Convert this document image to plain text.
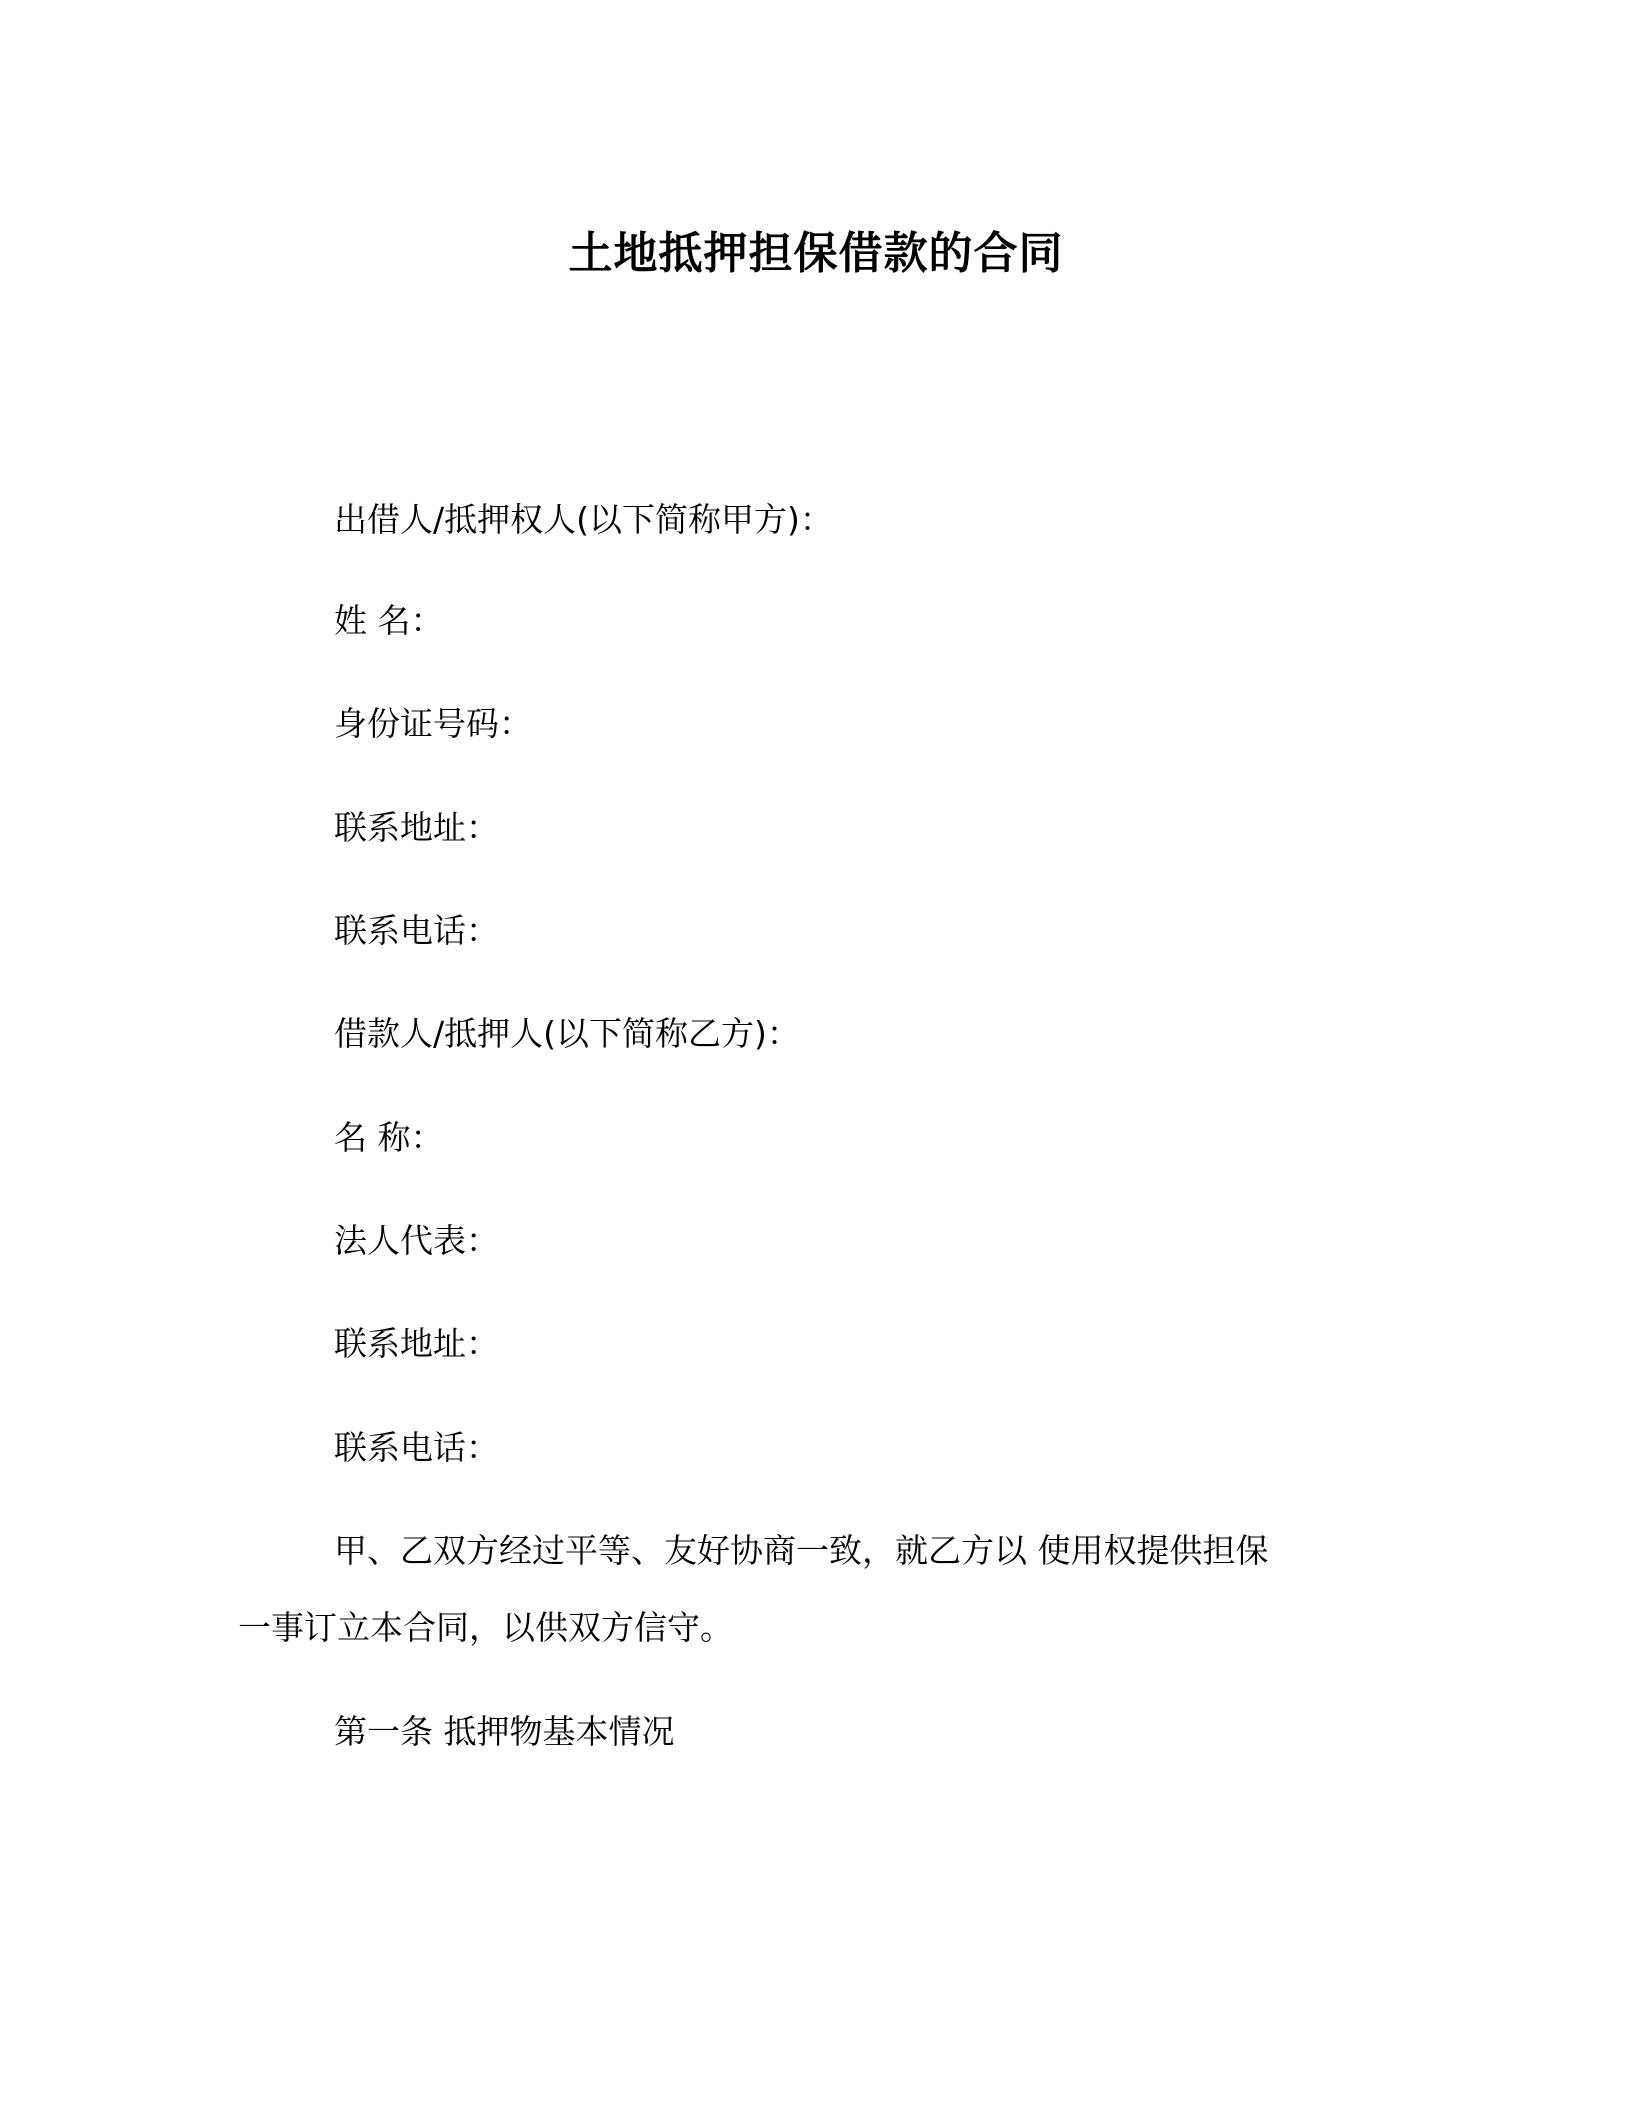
土地抵押担保借款的合同

出借人/抵押权人(以下简称甲方)：

姓 名：

身份证号码：

联系地址：

联系电话：

借款人/抵押人(以下简称乙方)：

名 称：

法人代表：

联系地址：

联系电话：

甲、乙双方经过平等、友好协商一致，就乙方以 使用权提供担保

一事订立本合同，以供双方信守。

第一条 抵押物基本情况
